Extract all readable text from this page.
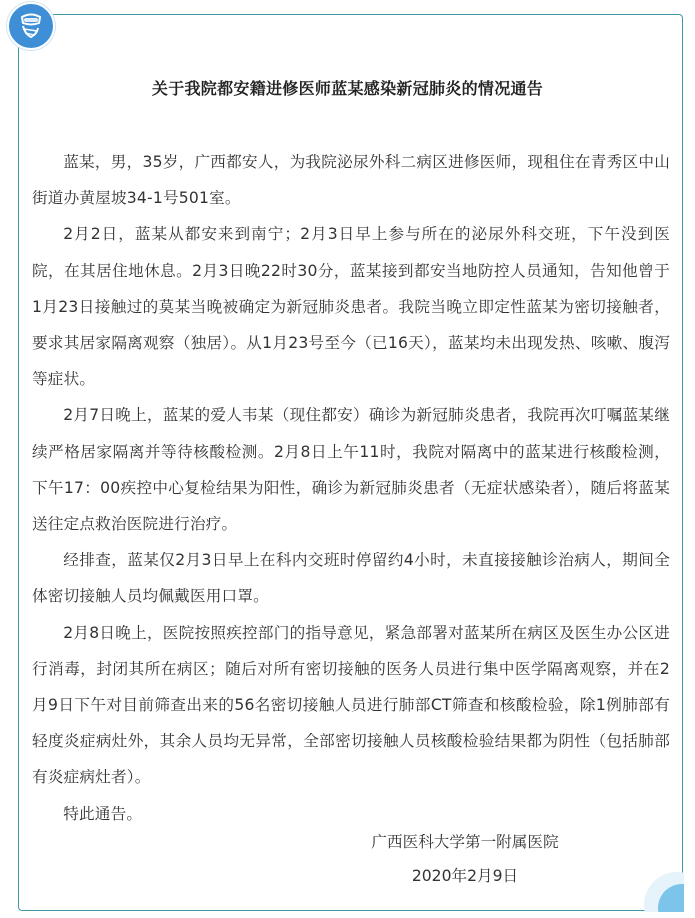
关于我院都安籍进修医师蓝某感染新冠肺炎的情况通告

蓝某，男，35岁，广西都安人，为我院泌尿外科二病区进修医师，现租住在青秀区中山街道办黄屋坡34-1号501室。

2月2日，蓝某从都安来到南宁；2月3日早上参与所在的泌尿外科交班，下午没到医院，在其居住地休息。2月3日晚22时30分，蓝某接到都安当地防控人员通知，告知他曾于1月23日接触过的莫某当晚被确定为新冠肺炎患者。我院当晚立即定性蓝某为密切接触者，要求其居家隔离观察（独居）。从1月23号至今（已16天），蓝某均未出现发热、咳嗽、腹泻等症状。

2月7日晚上，蓝某的爱人韦某（现住都安）确诊为新冠肺炎患者，我院再次叮嘱蓝某继续严格居家隔离并等待核酸检测。2月8日上午11时，我院对隔离中的蓝某进行核酸检测，下午17：00疾控中心复检结果为阳性，确诊为新冠肺炎患者（无症状感染者），随后将蓝某送往定点救治医院进行治疗。

经排查，蓝某仅2月3日早上在科内交班时停留约4小时，未直接接触诊治病人，期间全体密切接触人员均佩戴医用口罩。

2月8日晚上，医院按照疾控部门的指导意见，紧急部署对蓝某所在病区及医生办公区进行消毒，封闭其所在病区；随后对所有密切接触的医务人员进行集中医学隔离观察，并在2月9日下午对目前筛查出来的56名密切接触人员进行肺部CT筛查和核酸检验，除1例肺部有轻度炎症病灶外，其余人员均无异常，全部密切接触人员核酸检验结果都为阴性（包括肺部有炎症病灶者）。

特此通告。

广西医科大学第一附属医院
2020年2月9日
